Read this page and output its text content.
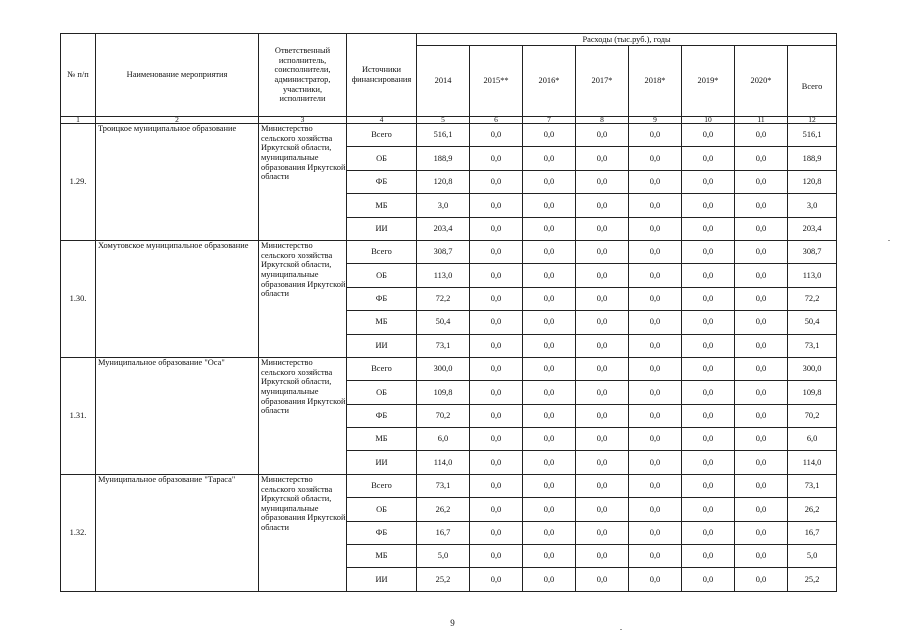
№ п/п	Наименование мероприятия	Ответственный исполнитель, соисполнители, администратор, участники, исполнители	Источники финансирования	Расходы (тыс.руб.), годы							
				2014	2015**	2016*	2017*	2018*	2019*	2020*	Всего
1	2	3	4	5	6	7	8	9	10	11	12
1.29.	Троицкое муниципальное образование	Министерство сельского хозяйства Иркутской области, муниципальные образования Иркутской области	Всего	516,1	0,0	0,0	0,0	0,0	0,0	0,0	516,1
			ОБ	188,9	0,0	0,0	0,0	0,0	0,0	0,0	188,9
			ФБ	120,8	0,0	0,0	0,0	0,0	0,0	0,0	120,8
			МБ	3,0	0,0	0,0	0,0	0,0	0,0	0,0	3,0
			ИИ	203,4	0,0	0,0	0,0	0,0	0,0	0,0	203,4
1.30.	Хомутовское муниципальное образование	Министерство сельского хозяйства Иркутской области, муниципальные образования Иркутской области	Всего	308,7	0,0	0,0	0,0	0,0	0,0	0,0	308,7
			ОБ	113,0	0,0	0,0	0,0	0,0	0,0	0,0	113,0
			ФБ	72,2	0,0	0,0	0,0	0,0	0,0	0,0	72,2
			МБ	50,4	0,0	0,0	0,0	0,0	0,0	0,0	50,4
			ИИ	73,1	0,0	0,0	0,0	0,0	0,0	0,0	73,1
1.31.	Муниципальное образование "Оса"	Министерство сельского хозяйства Иркутской области, муниципальные образования Иркутской области	Всего	300,0	0,0	0,0	0,0	0,0	0,0	0,0	300,0
			ОБ	109,8	0,0	0,0	0,0	0,0	0,0	0,0	109,8
			ФБ	70,2	0,0	0,0	0,0	0,0	0,0	0,0	70,2
			МБ	6,0	0,0	0,0	0,0	0,0	0,0	0,0	6,0
			ИИ	114,0	0,0	0,0	0,0	0,0	0,0	0,0	114,0
1.32.	Муниципальное образование "Тараса"	Министерство сельского хозяйства Иркутской области, муниципальные образования Иркутской области	Всего	73,1	0,0	0,0	0,0	0,0	0,0	0,0	73,1
			ОБ	26,2	0,0	0,0	0,0	0,0	0,0	0,0	26,2
			ФБ	16,7	0,0	0,0	0,0	0,0	0,0	0,0	16,7
			МБ	5,0	0,0	0,0	0,0	0,0	0,0	0,0	5,0
			ИИ	25,2	0,0	0,0	0,0	0,0	0,0	0,0	25,2
9
